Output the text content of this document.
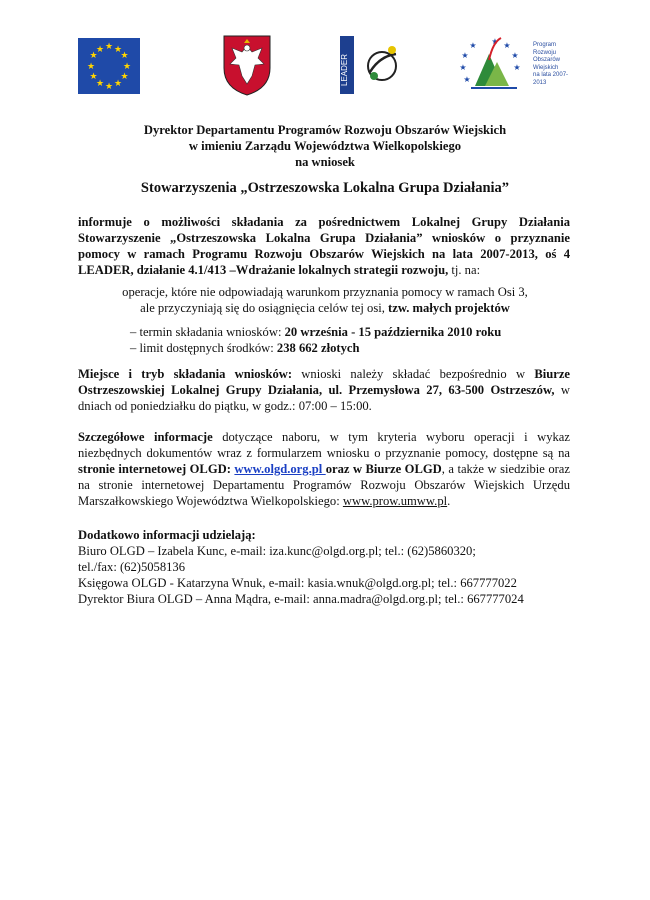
★ ★
★
★
★
★
★
★
★
★
★
★
LEADER
★ ★
★
★
★
★
★
★
Program
Rozwoju
Obszarów
Wiejskich
na lata 2007-2013
Dyrektor Departamentu Programów Rozwoju Obszarów Wiejskich
w imieniu Zarządu Województwa Wielkopolskiego
na wniosek
Stowarzyszenia „Ostrzeszowska Lokalna Grupa Działania”
informuje o możliwości składania za pośrednictwem Lokalnej Grupy Działania Stowarzyszenie „Ostrzeszowska Lokalna Grupa Działania” wniosków o przyznanie pomocy w ramach Programu Rozwoju Obszarów Wiejskich na lata 2007-2013, oś 4 LEADER, działanie 4.1/413 –Wdrażanie lokalnych strategii rozwoju, tj. na:
operacje, które nie odpowiadają warunkom przyznania pomocy w ramach Osi 3,
ale przyczyniają się do osiągnięcia celów tej osi, tzw. małych projektów
– termin składania wniosków: 20 września - 15 października 2010 roku
– limit dostępnych środków: 238 662 złotych
Miejsce i tryb składania wniosków: wnioski należy składać bezpośrednio w Biurze Ostrzeszowskiej Lokalnej Grupy Działania, ul. Przemysłowa 27, 63-500 Ostrzeszów, w dniach od poniedziałku do piątku, w godz.: 07:00 – 15:00.
Szczegółowe informacje dotyczące naboru, w tym kryteria wyboru operacji i wykaz niezbędnych dokumentów wraz z formularzem wniosku o przyznanie pomocy, dostępne są na stronie internetowej OLGD: www.olgd.org.pl oraz w Biurze OLGD, a także w siedzibie oraz na stronie internetowej Departamentu Programów Rozwoju Obszarów Wiejskich Urzędu Marszałkowskiego Województwa Wielkopolskiego: www.prow.umww.pl.
Dodatkowo informacji udzielają:
Biuro OLGD – Izabela Kunc, e-mail: iza.kunc@olgd.org.pl; tel.: (62)5860320;
tel./fax: (62)5058136
Księgowa OLGD - Katarzyna Wnuk, e-mail: kasia.wnuk@olgd.org.pl; tel.: 667777022
Dyrektor Biura OLGD – Anna Mądra, e-mail: anna.madra@olgd.org.pl; tel.: 667777024
